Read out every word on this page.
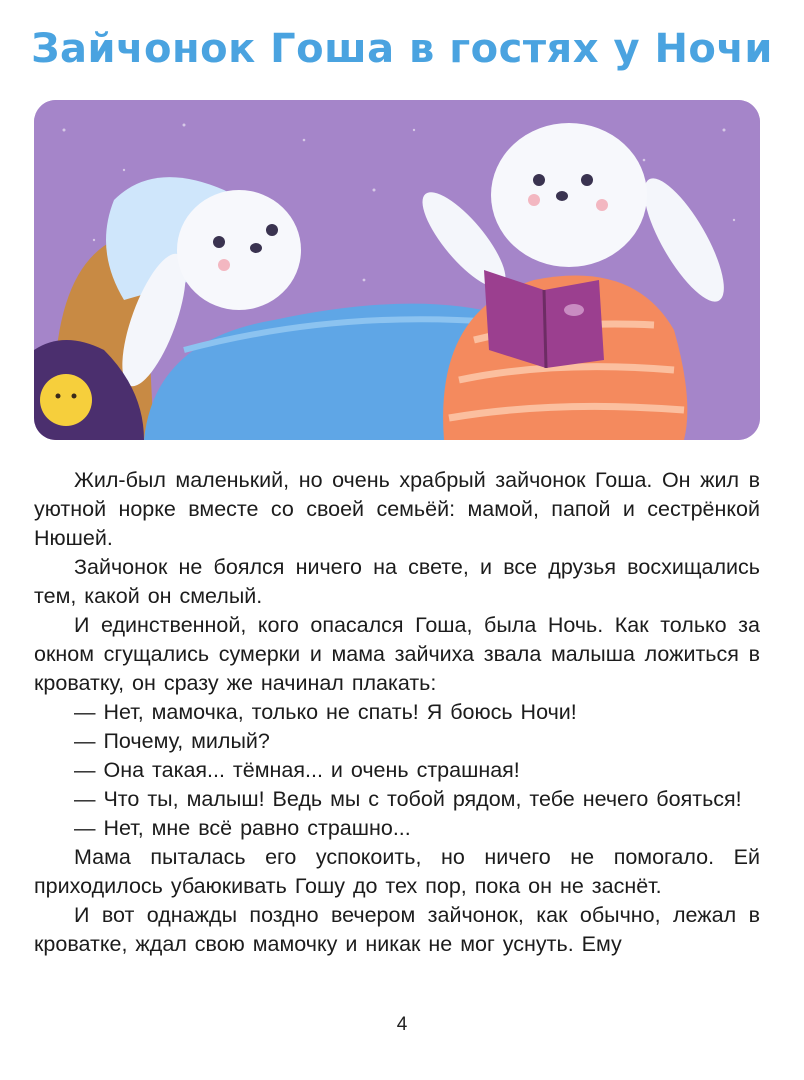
Зайчонок Гоша в гостях у Ночи

Жил-был маленький, но очень храбрый зайчонок Гоша. Он жил в уютной норке вместе со своей семьёй: мамой, папой и сестрёнкой Нюшей.

Зайчонок не боялся ничего на свете, и все друзья восхищались тем, какой он смелый.

И единственной, кого опасался Гоша, была Ночь. Как только за окном сгущались сумерки и мама зайчиха звала малыша ложиться в кроватку, он сразу же начинал плакать:

— Нет, мамочка, только не спать! Я боюсь Ночи!

— Почему, милый?

— Она такая... тёмная... и очень страшная!

— Что ты, малыш! Ведь мы с тобой рядом, тебе нечего бояться!

— Нет, мне всё равно страшно...

Мама пыталась его успокоить, но ничего не помогало. Ей приходилось убаюкивать Гошу до тех пор, пока он не заснёт.

И вот однажды поздно вечером зайчонок, как обычно, лежал в кроватке, ждал свою мамочку и никак не мог уснуть. Ему

4
